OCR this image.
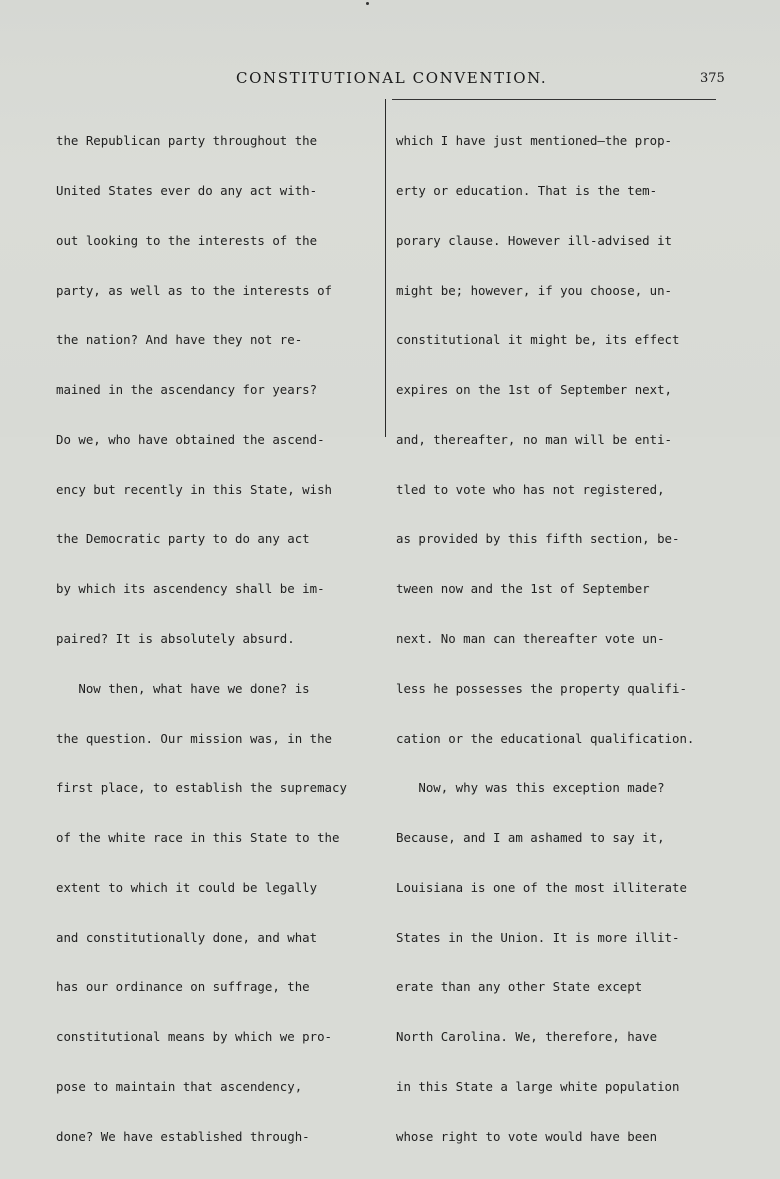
CONSTITUTIONAL CONVENTION.	375

the Republican party throughout the

United States ever do any act with-

out looking to the interests of the

party, as well as to the interests of

the nation? And have they not re-

mained in the ascendancy for years?

Do we, who have obtained the ascend-

ency but recently in this State, wish

the Democratic party to do any act

by which its ascendency shall be im-

paired? It is absolutely absurd.

Now then, what have we done? is

the question. Our mission was, in the

first place, to establish the supremacy

of the white race in this State to the

extent to which it could be legally

and constitutionally done, and what

has our ordinance on suffrage, the

constitutional means by which we pro-

pose to maintain that ascendency,

done? We have established through-

which I have just mentioned—the prop-

erty or education. That is the tem-

porary clause. However ill-advised it

might be; however, if you choose, un-

constitutional it might be, its effect

expires on the 1st of September next,

and, thereafter, no man will be enti-

tled to vote who has not registered,

as provided by this fifth section, be-

tween now and the 1st of September

next. No man can thereafter vote un-

less he possesses the property qualifi-

cation or the educational qualification.

Now, why was this exception made?

Because, and I am ashamed to say it,

Louisiana is one of the most illiterate

States in the Union. It is more illit-

erate than any other State except

North Carolina. We, therefore, have

in this State a large white population

whose right to vote would have been
